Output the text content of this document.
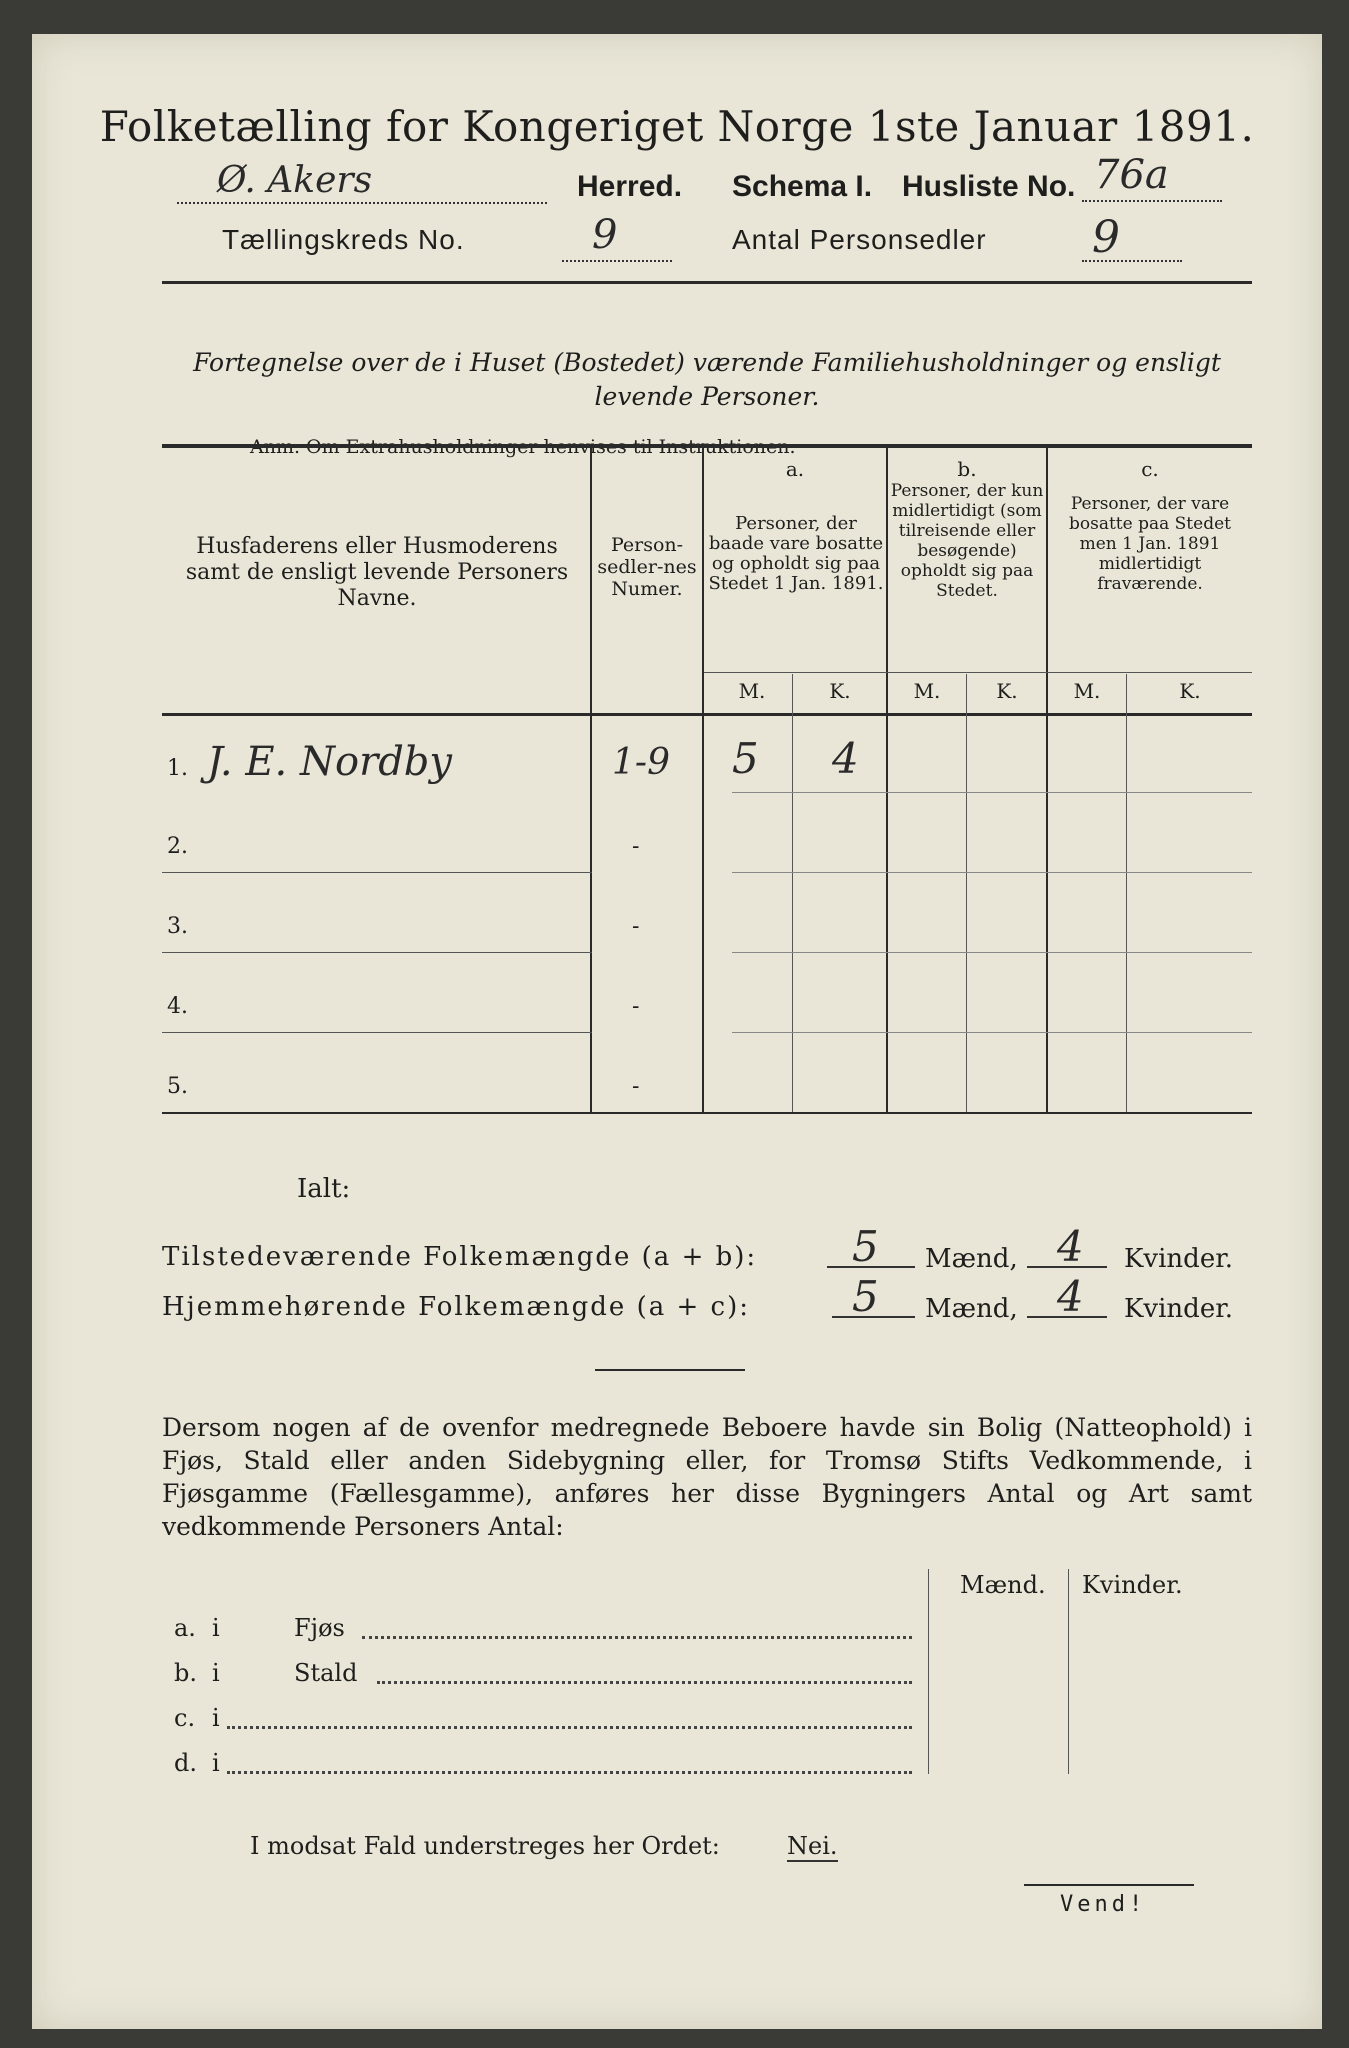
Folketælling for Kongeriget Norge 1ste Januar 1891.
Ø. Akers	Herred. Schema I. Husliste No. 76a
Tællingskreds No.	9	Antal Personsedler 9
Fortegnelse over de i Huset (Bostedet) værende Familiehusholdninger og ensligt levende Personer.
Husfaderens eller Husmoderens samt de ensligt levende Personers Navne.
Person-sedler-nes Numer.
a.
Personer, der baade vare bosatte og opholdt sig paa Stedet 1 Jan. 1891.
b.
Personer, der kun midlertidigt (som tilreisende eller besøgende) opholdt sig paa Stedet.
c.
Personer, der vare bosatte paa Stedet men 1 Jan. 1891 midlertidigt fraværende.
M.	K.	M.	K.	M.	K.
1. J. E. Nordby	1-9 5 4
2.	-
3.	-
4.	-
5.	-
Ialt:
Tilstedeværende Folkemængde (a + b): 5 Mænd, 4 Kvinder.
Hjemmehørende Folkemængde (a + c): 5 Mænd, 4 Kvinder.
Dersom nogen af de ovenfor medregnede Beboere havde sin Bolig (Natteophold) i Fjøs, Stald eller anden Sidebygning eller, for Tromsø Stifts Vedkommende, i Fjøsgamme (Fællesgamme), anføres her disse Bygningers Antal og Art samt vedkommende Personers Antal:
Mænd. Kvinder.
a. i	Fjøs
b. i	Stald
c. i
d. i
I modsat Fald understreges her Ordet:	Nei.
Vend!
